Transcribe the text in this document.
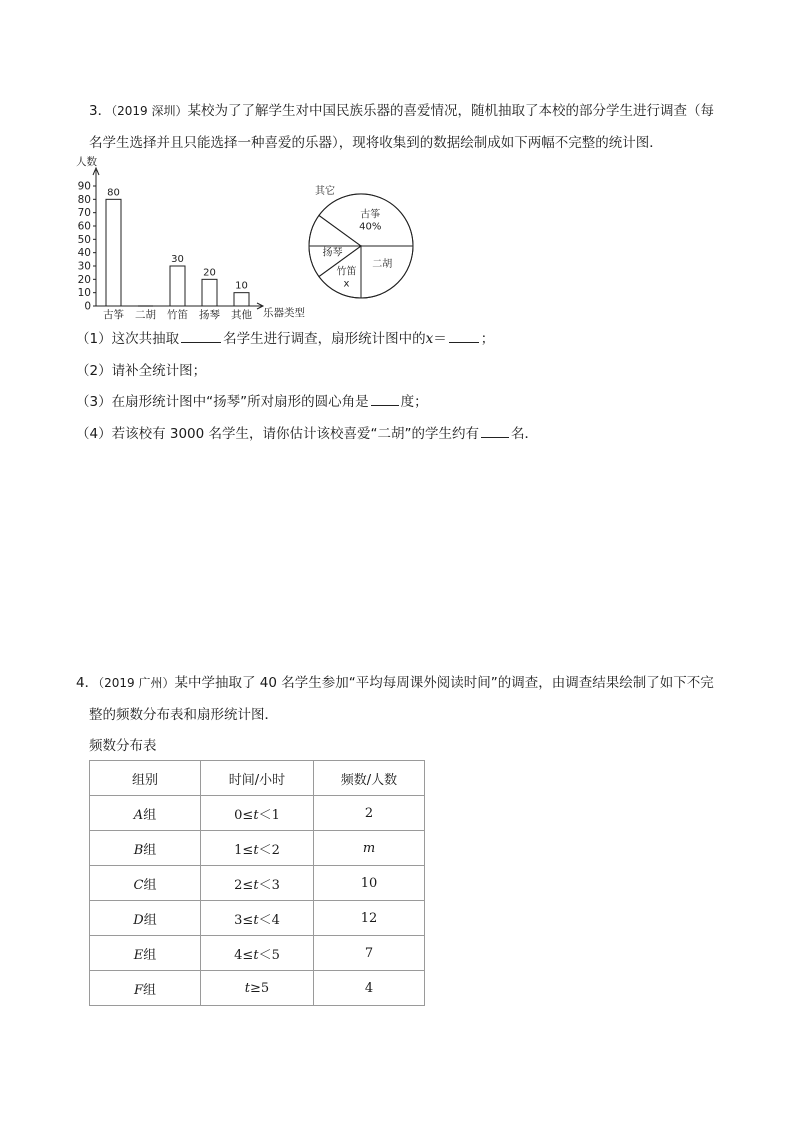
3．（2019 深圳）某校为了了解学生对中国民族乐器的喜爱情况，随机抽取了本校的部分学生进行调查（每
名学生选择并且只能选择一种喜爱的乐器），现将收集到的数据绘制成如下两幅不完整的统计图．
0
10
20
30
40
50
60
70
80
90
80
30
20
10
古筝 二胡 竹笛 扬琴 其他
人数
乐器类型
古筝
40%
二胡
竹笛
x
扬琴
其它
（1）这次共抽取	名学生进行调查，扇形统计图中的x＝	；
（2）请补全统计图；
（3）在扇形统计图中“扬琴”所对扇形的圆心角是 度；
（4）若该校有 3000 名学生，请你估计该校喜爱“二胡”的学生约有 名．
4．（2019 广州）某中学抽取了 40 名学生参加“平均每周课外阅读时间”的调查，由调查结果绘制了如下不完
整的频数分布表和扇形统计图．
频数分布表
组别	时间/小时	频数/人数
A组	0≤t＜1	2
B组	1≤t＜2	m
C组	2≤t＜3	10
D组	3≤t＜4	12
E组	4≤t＜5	7
F组	t≥5	4
